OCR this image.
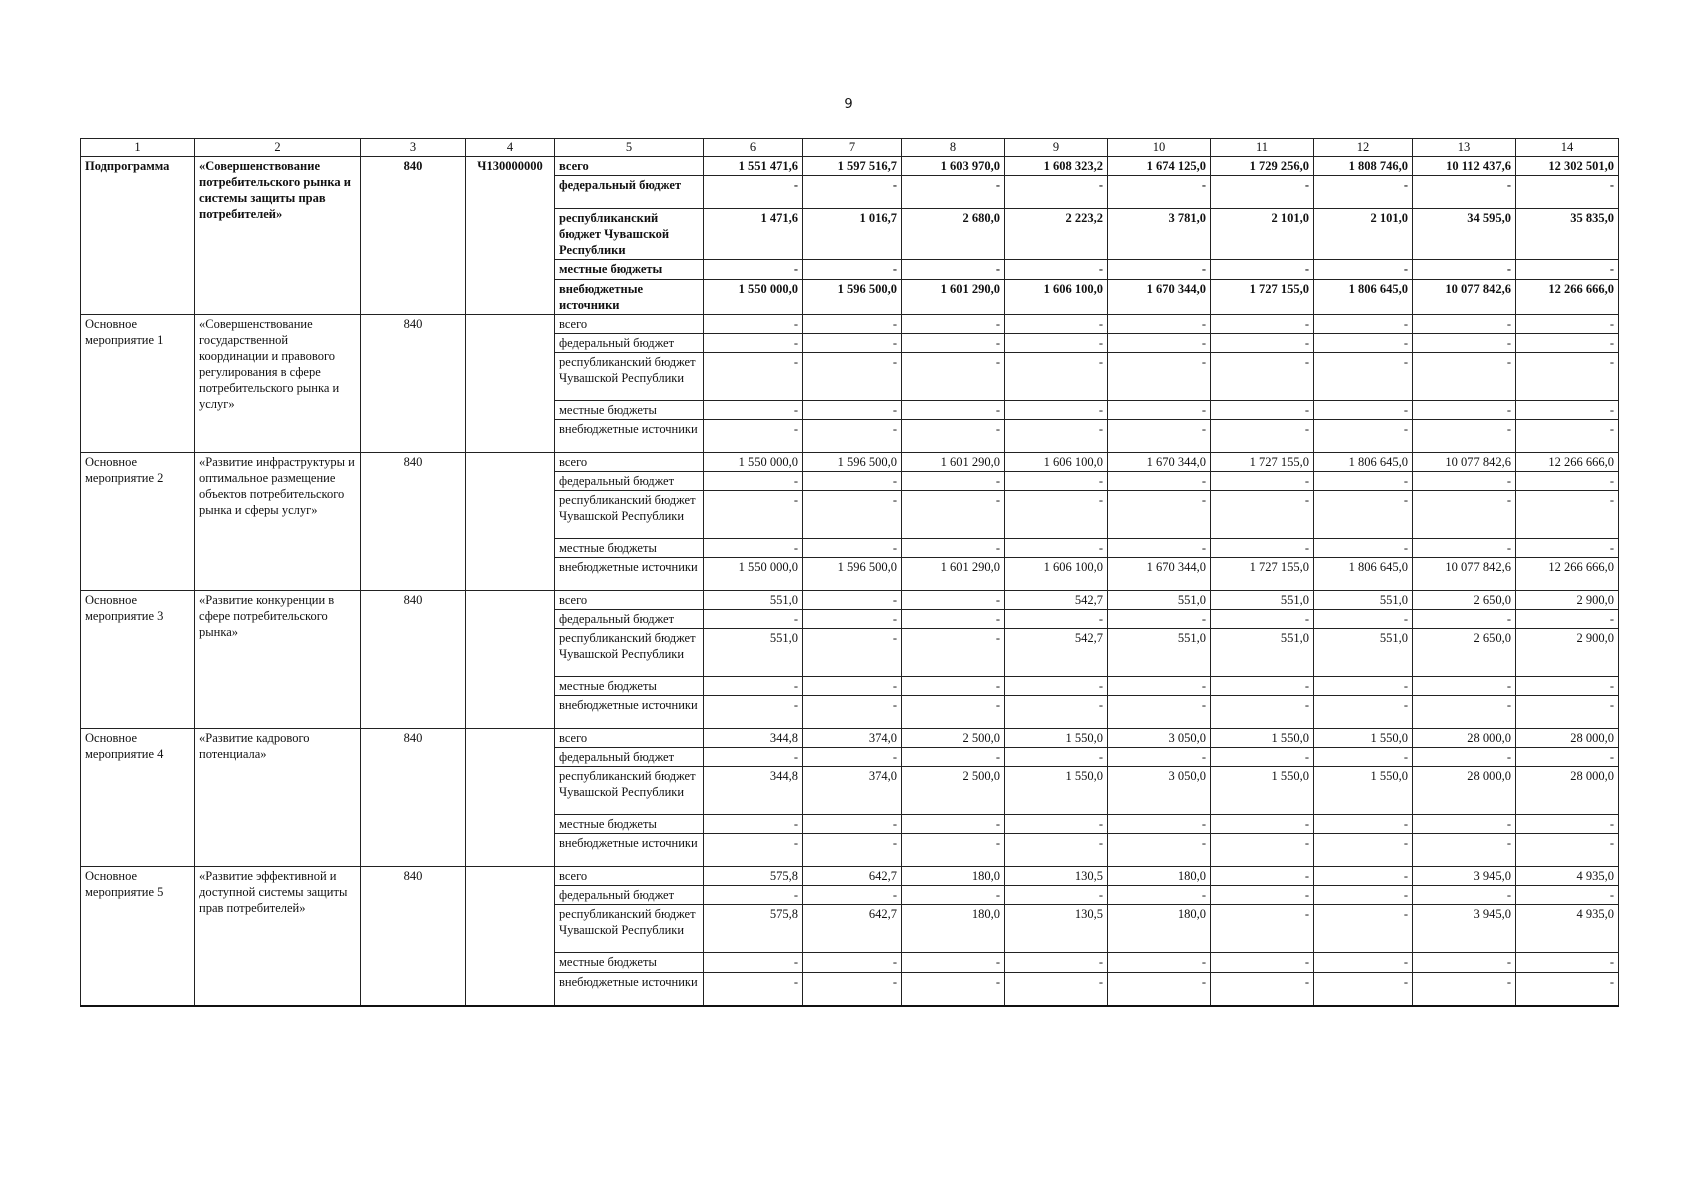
9
1	2	3	4	5	6	7	8	9	10	11	12	13	14
Подпрограмма	«Совершенствование потребительского рынка и системы защиты прав потребителей»	840	Ч130000000	всего	1 551 471,6	1 597 516,7	1 603 970,0	1 608 323,2	1 674 125,0	1 729 256,0	1 808 746,0	10 112 437,6	12 302 501,0
				федеральный бюджет	-	-	-	-	-	-	-	-	-
				республиканский бюджет Чувашской Республики	1 471,6	1 016,7	2 680,0	2 223,2	3 781,0	2 101,0	2 101,0	34 595,0	35 835,0
				местные бюджеты	-	-	-	-	-	-	-	-	-
				внебюджетные источники	1 550 000,0	1 596 500,0	1 601 290,0	1 606 100,0	1 670 344,0	1 727 155,0	1 806 645,0	10 077 842,6	12 266 666,0
Основное мероприятие 1	«Совершенствование государственной координации и правового регулирования в сфере потребительского рынка и услуг»	840		всего	-	-	-	-	-	-	-	-	-
				федеральный бюджет	-	-	-	-	-	-	-	-	-
				республиканский бюджет Чувашской Республики	-	-	-	-	-	-	-	-	-
				местные бюджеты	-	-	-	-	-	-	-	-	-
				внебюджетные источники	-	-	-	-	-	-	-	-	-
Основное мероприятие 2	«Развитие инфраструктуры и оптимальное размещение объектов потребительского рынка и сферы услуг»	840		всего	1 550 000,0	1 596 500,0	1 601 290,0	1 606 100,0	1 670 344,0	1 727 155,0	1 806 645,0	10 077 842,6	12 266 666,0
				федеральный бюджет	-	-	-	-	-	-	-	-	-
				республиканский бюджет Чувашской Республики	-	-	-	-	-	-	-	-	-
				местные бюджеты	-	-	-	-	-	-	-	-	-
				внебюджетные источники	1 550 000,0	1 596 500,0	1 601 290,0	1 606 100,0	1 670 344,0	1 727 155,0	1 806 645,0	10 077 842,6	12 266 666,0
Основное мероприятие 3	«Развитие конкуренции в сфере потребительского рынка»	840		всего	551,0	-	-	542,7	551,0	551,0	551,0	2 650,0	2 900,0
				федеральный бюджет	-	-	-	-	-	-	-	-	-
				республиканский бюджет Чувашской Республики	551,0	-	-	542,7	551,0	551,0	551,0	2 650,0	2 900,0
				местные бюджеты	-	-	-	-	-	-	-	-	-
				внебюджетные источники	-	-	-	-	-	-	-	-	-
Основное мероприятие 4	«Развитие кадрового потенциала»	840		всего	344,8	374,0	2 500,0	1 550,0	3 050,0	1 550,0	1 550,0	28 000,0	28 000,0
				федеральный бюджет	-	-	-	-	-	-	-	-	-
				республиканский бюджет Чувашской Республики	344,8	374,0	2 500,0	1 550,0	3 050,0	1 550,0	1 550,0	28 000,0	28 000,0
				местные бюджеты	-	-	-	-	-	-	-	-	-
				внебюджетные источники	-	-	-	-	-	-	-	-	-
Основное мероприятие 5	«Развитие эффективной и доступной системы защиты прав потребителей»	840		всего	575,8	642,7	180,0	130,5	180,0	-	-	3 945,0	4 935,0
				федеральный бюджет	-	-	-	-	-	-	-	-	-
				республиканский бюджет Чувашской Республики	575,8	642,7	180,0	130,5	180,0	-	-	3 945,0	4 935,0
				местные бюджеты	-	-	-	-	-	-	-	-	-
				внебюджетные источники	-	-	-	-	-	-	-	-	-
